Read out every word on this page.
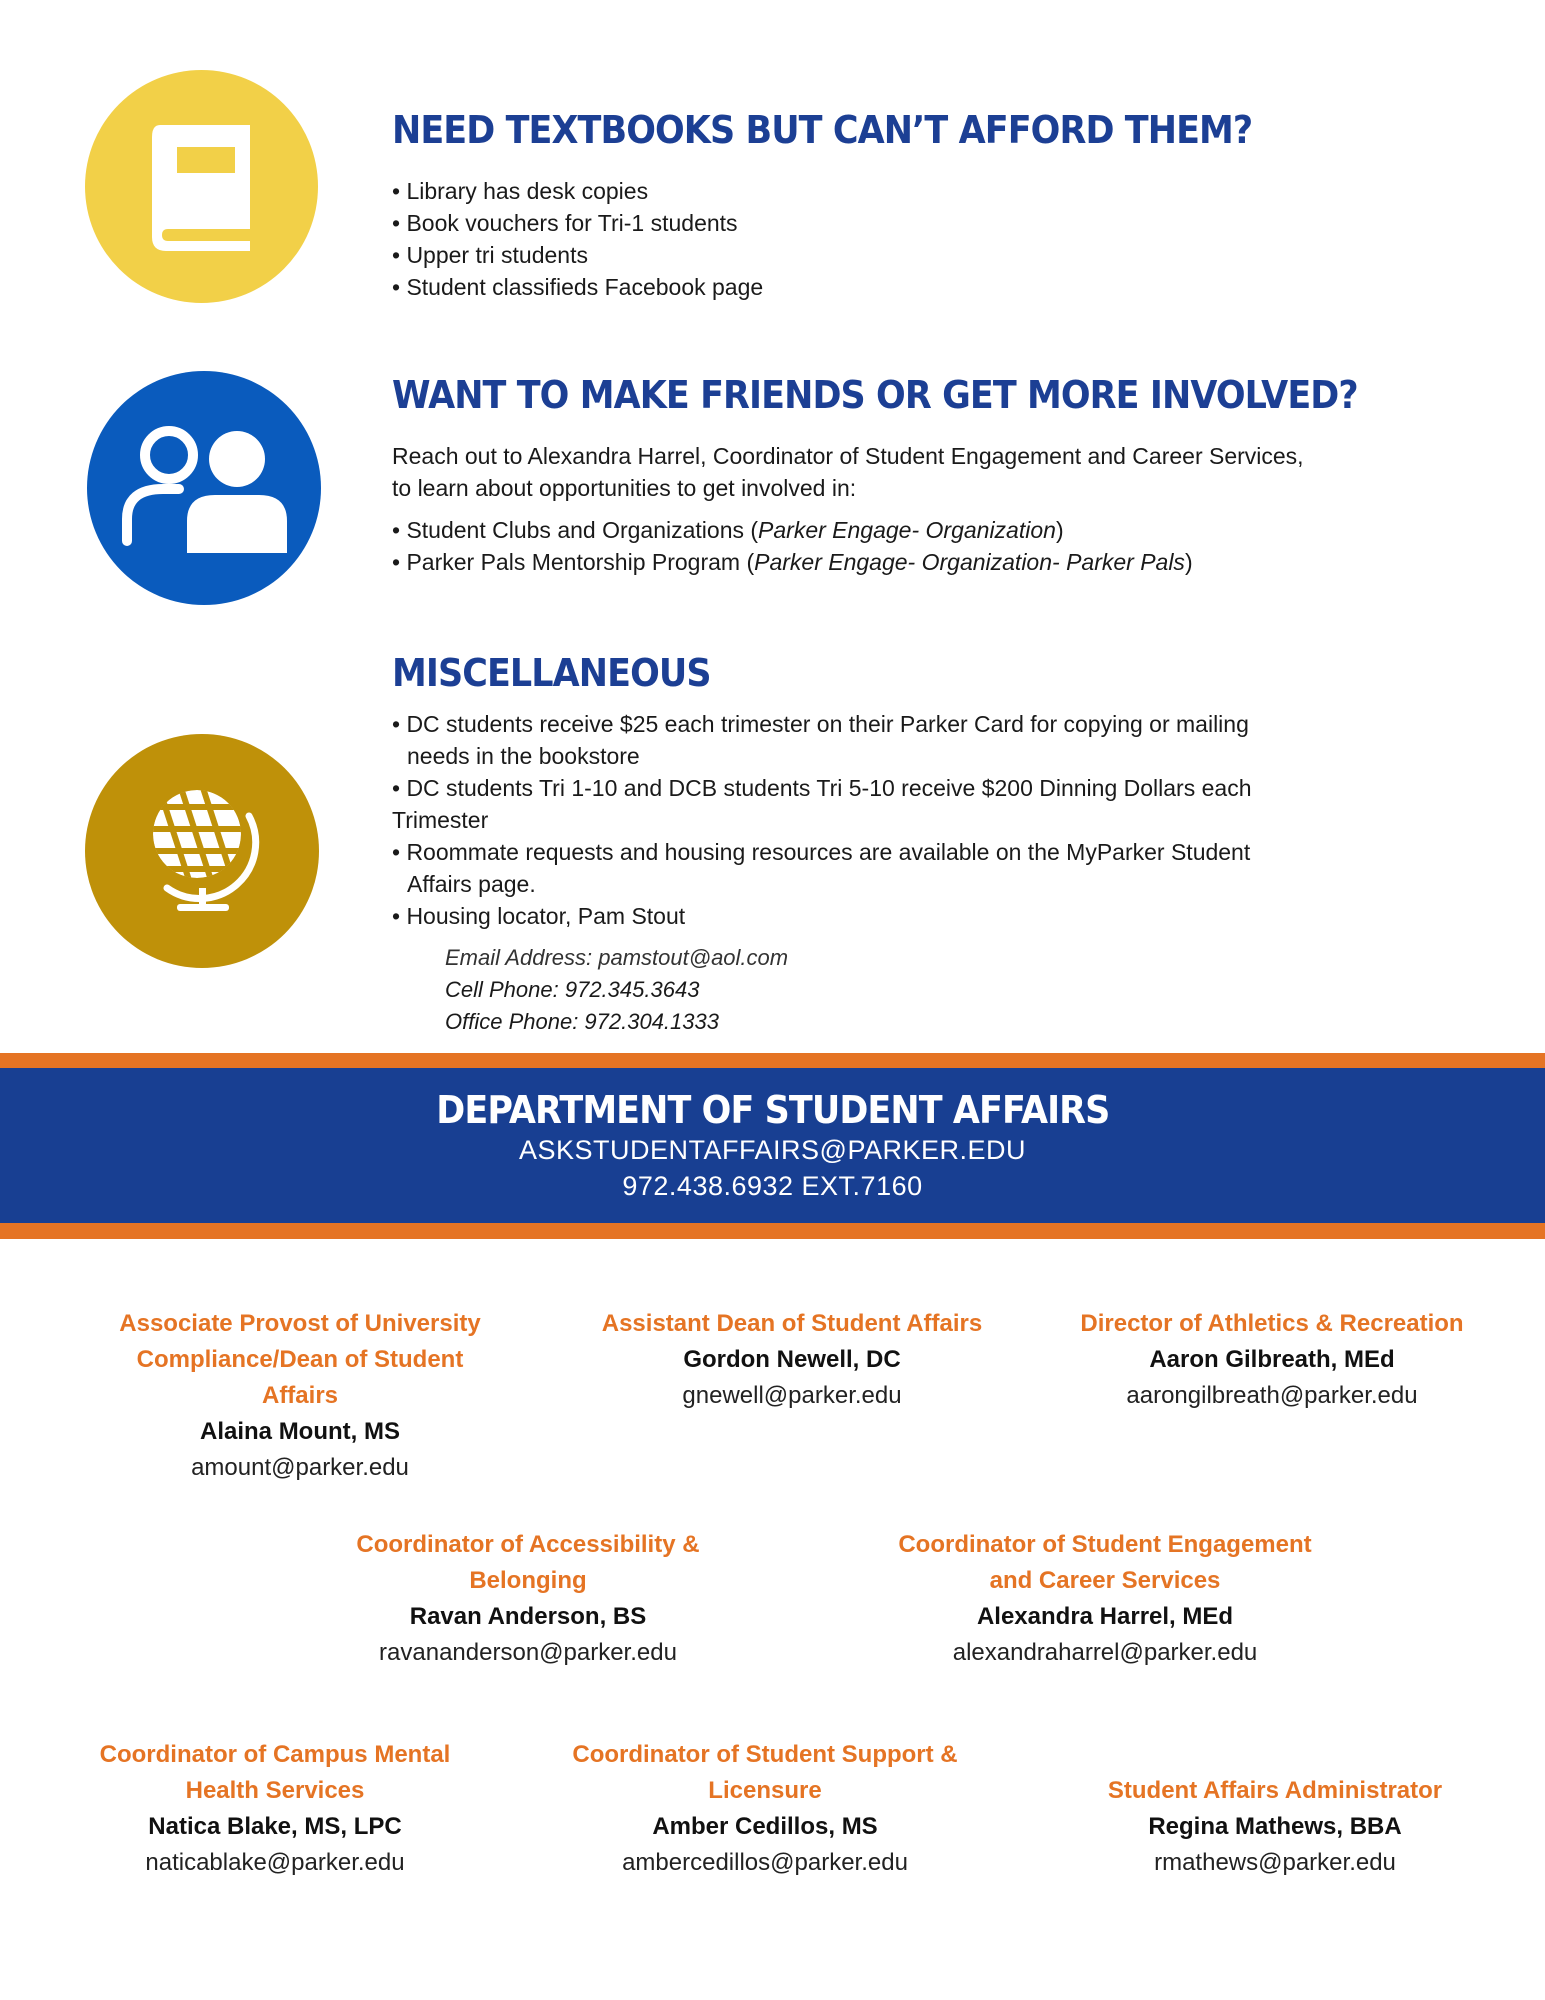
NEED TEXTBOOKS BUT CAN’T AFFORD THEM?
• Library has desk copies
• Book vouchers for Tri-1 students
• Upper tri students
• Student classifieds Facebook page
WANT TO MAKE FRIENDS OR GET MORE INVOLVED?
Reach out to Alexandra Harrel, Coordinator of Student Engagement and Career Services,
to learn about opportunities to get involved in:
• Student Clubs and Organizations (Parker Engage- Organization)
• Parker Pals Mentorship Program (Parker Engage- Organization- Parker Pals)
MISCELLANEOUS
• DC students receive $25 each trimester on their Parker Card for copying or mailing
needs in the bookstore
• DC students Tri 1-10 and DCB students Tri 5-10 receive $200 Dinning Dollars each
Trimester
• Roommate requests and housing resources are available on the MyParker Student
Affairs page.
• Housing locator, Pam Stout
Email Address: pamstout@aol.com
Cell Phone: 972.345.3643
Office Phone: 972.304.1333
DEPARTMENT OF STUDENT AFFAIRS
ASKSTUDENTAFFAIRS@PARKER.EDU
972.438.6932 EXT.7160
Associate Provost of University
Compliance/Dean of Student
Affairs
Alaina Mount, MS
amount@parker.edu
Assistant Dean of Student Affairs
Gordon Newell, DC
gnewell@parker.edu
Director of Athletics & Recreation
Aaron Gilbreath, MEd
aarongilbreath@parker.edu
Coordinator of Accessibility &
Belonging
Ravan Anderson, BS
ravananderson@parker.edu
Coordinator of Student Engagement
and Career Services
Alexandra Harrel, MEd
alexandraharrel@parker.edu
Coordinator of Campus Mental
Health Services
Natica Blake, MS, LPC
naticablake@parker.edu
Coordinator of Student Support &
Licensure
Amber Cedillos, MS
ambercedillos@parker.edu
Student Affairs Administrator
Regina Mathews, BBA
rmathews@parker.edu
